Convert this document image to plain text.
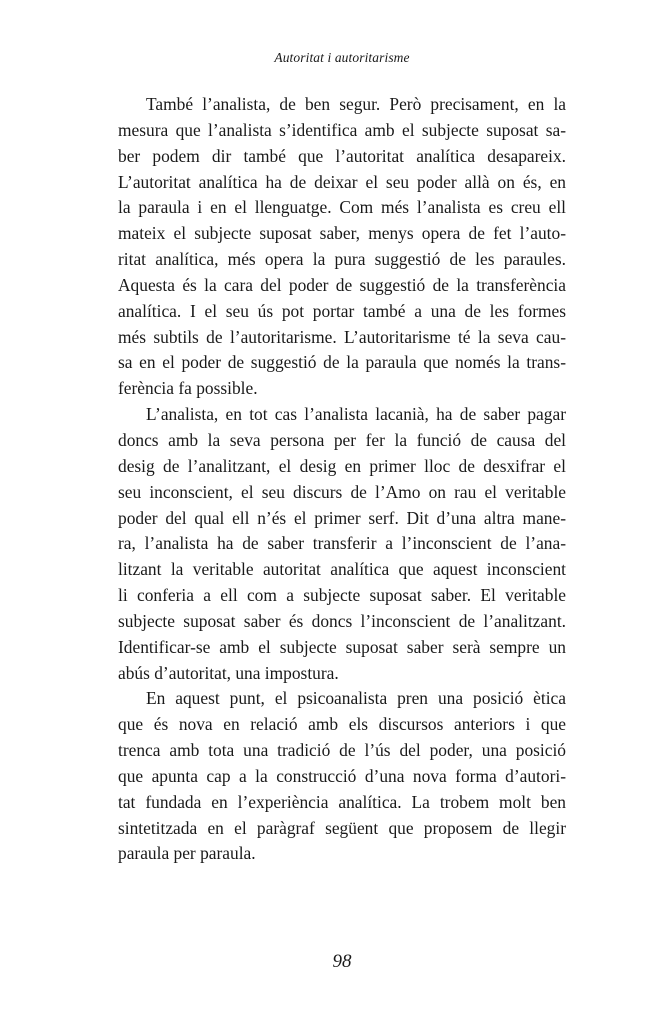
Autoritat i autoritarisme

També l’analista, de ben segur. Però precisament, en la
mesura que l’analista s’identifica amb el subjecte suposat sa-
ber podem dir també que l’autoritat analítica desapareix.
L’autoritat analítica ha de deixar el seu poder allà on és, en
la paraula i en el llenguatge. Com més l’analista es creu ell
mateix el subjecte suposat saber, menys opera de fet l’auto-
ritat analítica, més opera la pura suggestió de les paraules.
Aquesta és la cara del poder de suggestió de la transferència
analítica. I el seu ús pot portar també a una de les formes
més subtils de l’autoritarisme. L’autoritarisme té la seva cau-
sa en el poder de suggestió de la paraula que només la trans-
ferència fa possible.

L’analista, en tot cas l’analista lacanià, ha de saber pagar
doncs amb la seva persona per fer la funció de causa del
desig de l’analitzant, el desig en primer lloc de desxifrar el
seu inconscient, el seu discurs de l’Amo on rau el veritable
poder del qual ell n’és el primer serf. Dit d’una altra mane-
ra, l’analista ha de saber transferir a l’inconscient de l’ana-
litzant la veritable autoritat analítica que aquest inconscient
li conferia a ell com a subjecte suposat saber. El veritable
subjecte suposat saber és doncs l’inconscient de l’analitzant.
Identificar-se amb el subjecte suposat saber serà sempre un
abús d’autoritat, una impostura.

En aquest punt, el psicoanalista pren una posició ètica
que és nova en relació amb els discursos anteriors i que
trenca amb tota una tradició de l’ús del poder, una posició
que apunta cap a la construcció d’una nova forma d’autori-
tat fundada en l’experiència analítica. La trobem molt ben
sintetitzada en el paràgraf següent que proposem de llegir
paraula per paraula.

98
